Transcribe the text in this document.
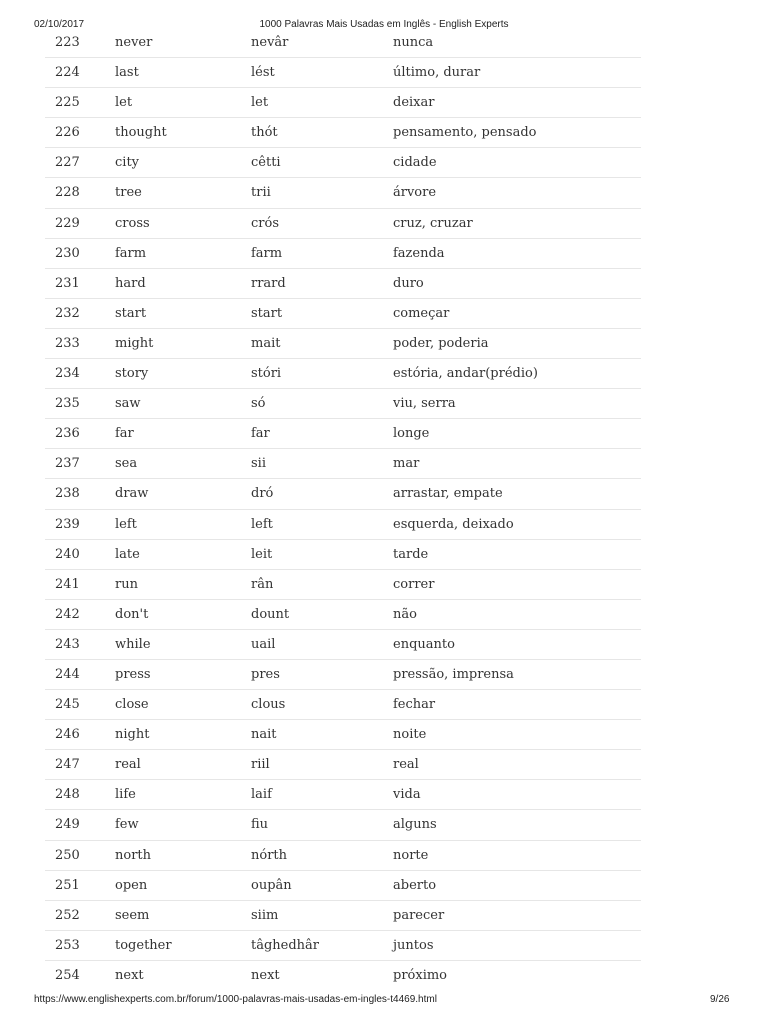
02/10/2017	1000 Palavras Mais Usadas em Inglês - English Experts
223	never	nevâr	nunca
224	last	lést	último, durar
225	let	let	deixar
226	thought	thót	pensamento, pensado
227	city	cêtti	cidade
228	tree	trii	árvore
229	cross	crós	cruz, cruzar
230	farm	farm	fazenda
231	hard	rrard	duro
232	start	start	começar
233	might	mait	poder, poderia
234	story	stóri	estória, andar(prédio)
235	saw	só	viu, serra
236	far	far	longe
237	sea	sii	mar
238	draw	dró	arrastar, empate
239	left	left	esquerda, deixado
240	late	leit	tarde
241	run	rân	correr
242	don't	dount	não
243	while	uail	enquanto
244	press	pres	pressão, imprensa
245	close	clous	fechar
246	night	nait	noite
247	real	riil	real
248	life	laif	vida
249	few	fiu	alguns
250	north	nórth	norte
251	open	oupân	aberto
252	seem	siim	parecer
253	together	tâghedhâr	juntos
254	next	next	próximo
https://www.englishexperts.com.br/forum/1000-palavras-mais-usadas-em-ingles-t4469.html	9/26
